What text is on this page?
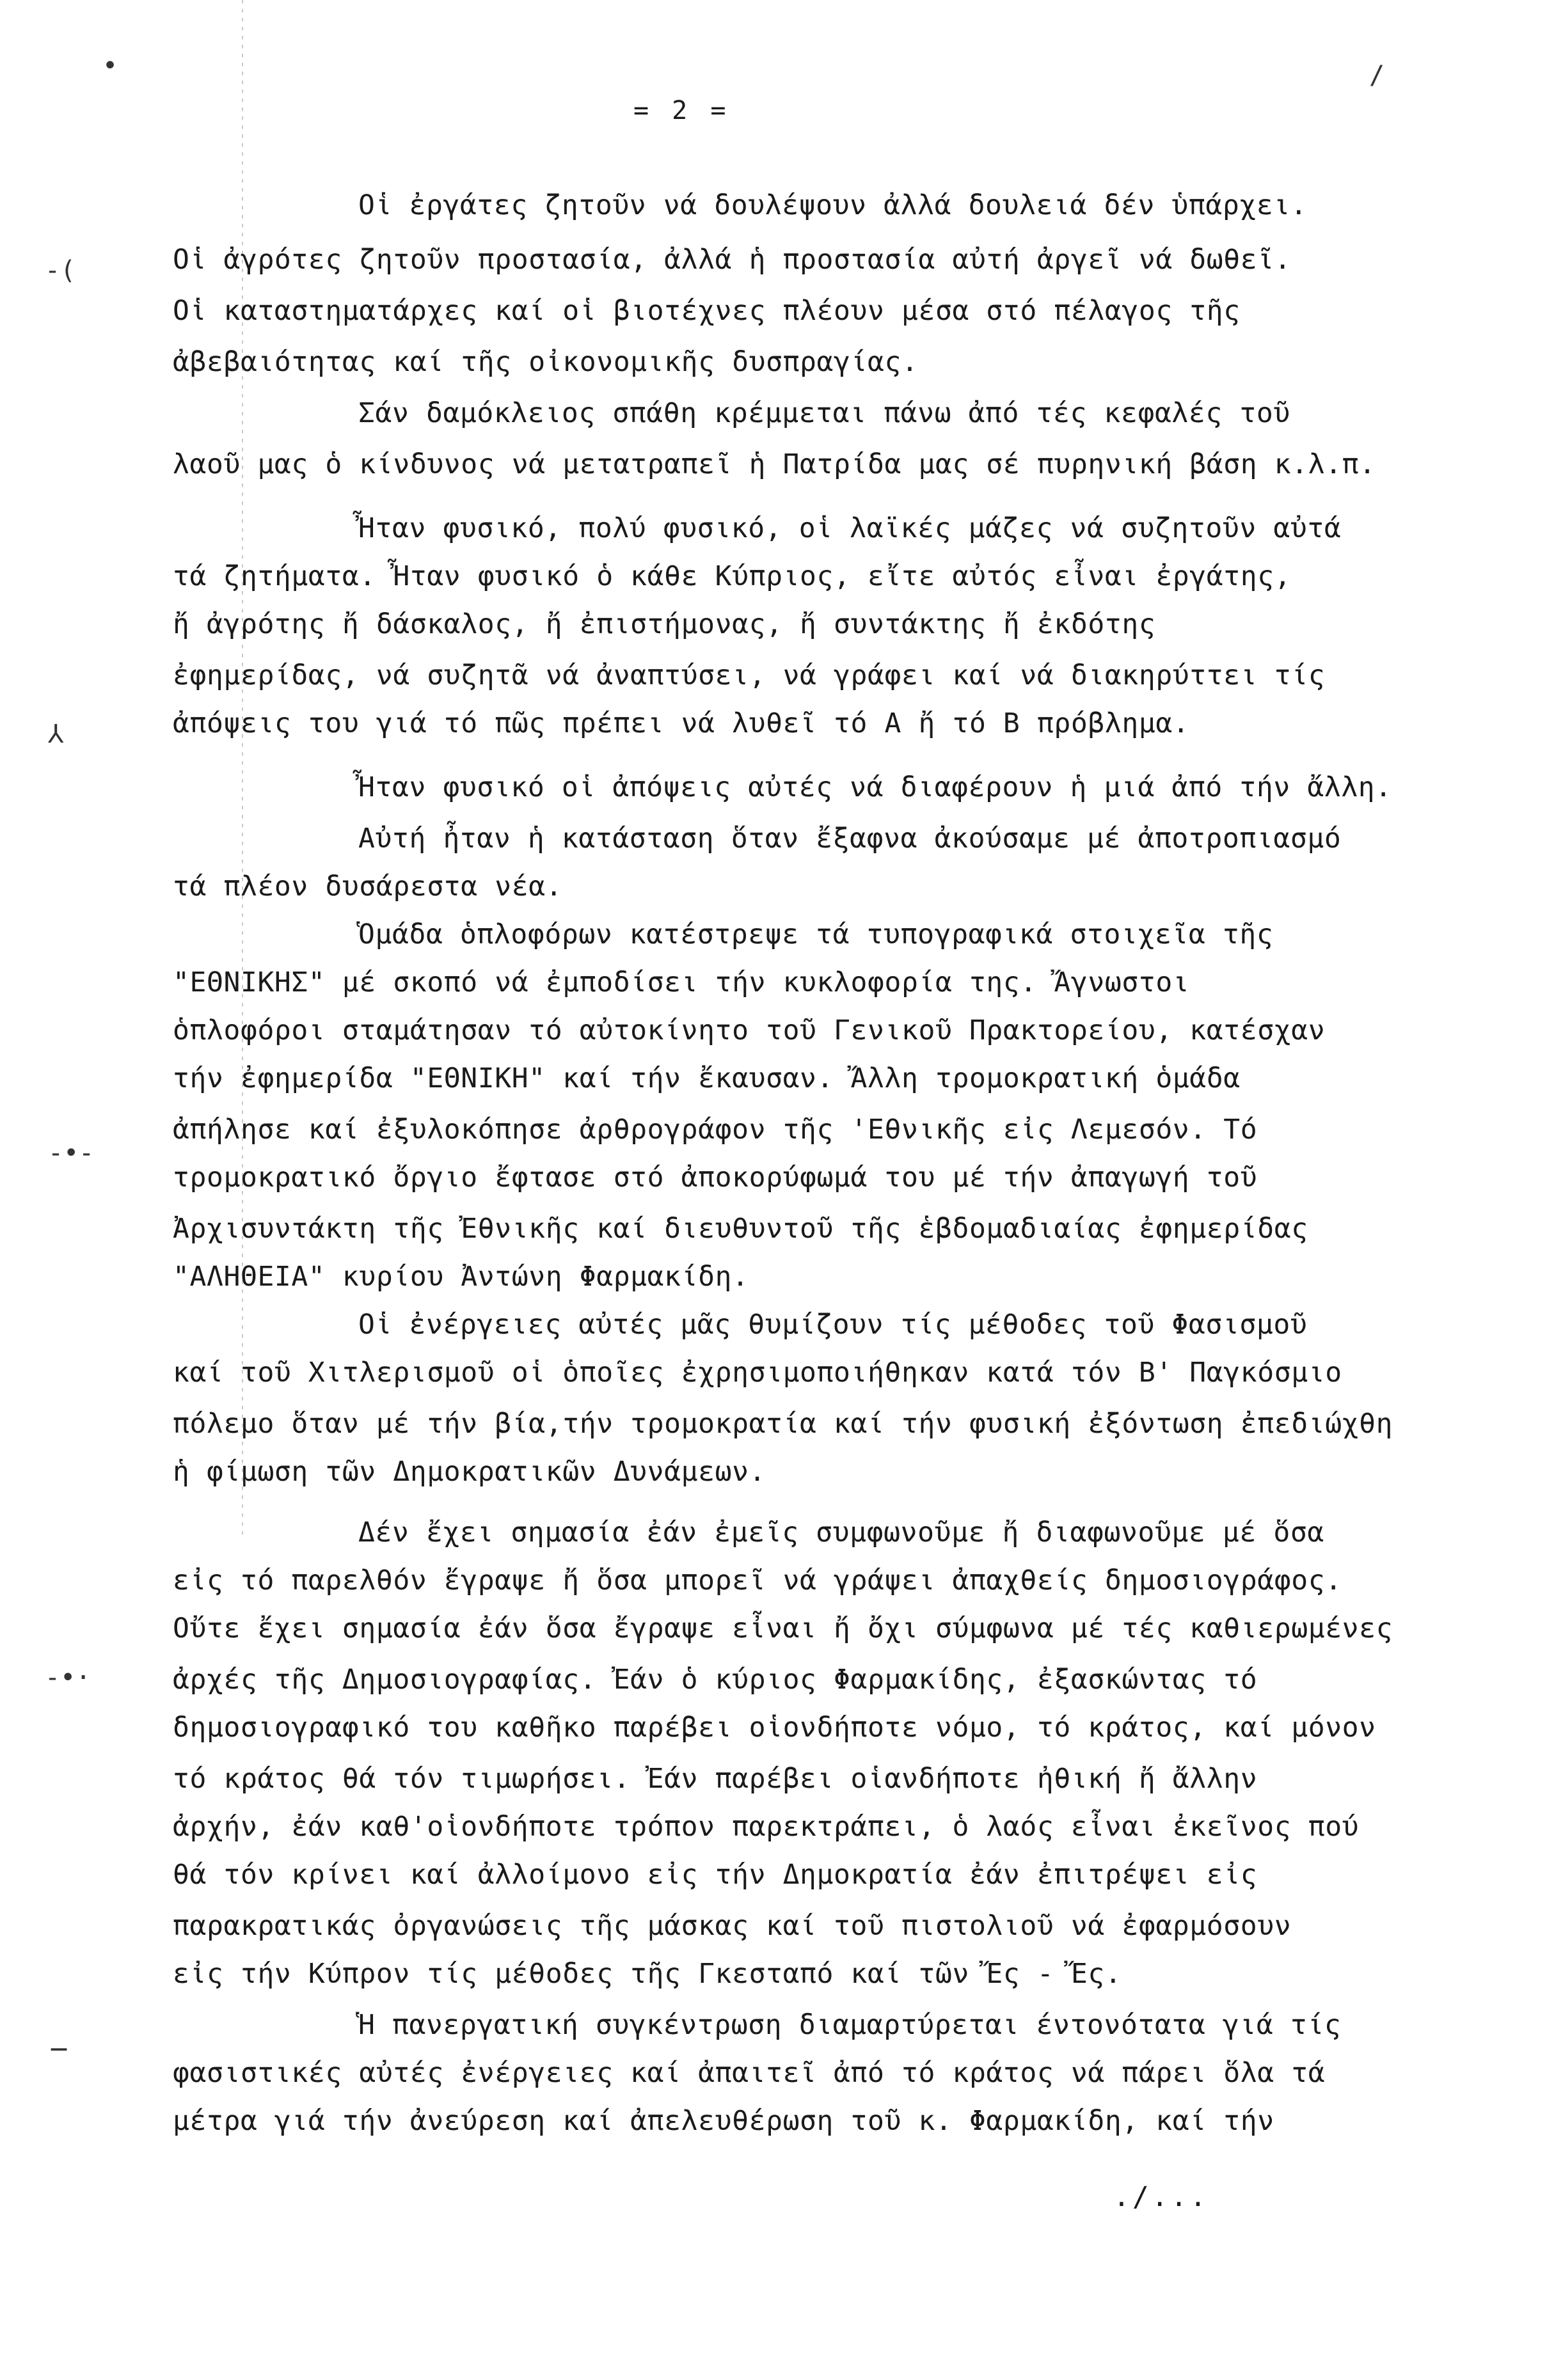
•	/
-(
⅄
-•-
-•·
ـ
= 2 =
Οἱ ἐργάτες ζητοῦν νά δουλέψουν ἀλλά δουλειά δέν ὑπάρχει.
Οἱ ἀγρότες ζητοῦν προστασία, ἀλλά ἡ προστασία αὐτή ἀργεῖ νά δωθεῖ.
Οἱ καταστηματάρχες καί οἱ βιοτέχνες πλέουν μέσα στό πέλαγος τῆς
ἀβεβαιότητας καί τῆς οἰκονομικῆς δυσπραγίας.
Σάν δαμόκλειος σπάθη κρέμμεται πάνω ἀπό τές κεφαλές τοῦ
λαοῦ μας ὁ κίνδυνος νά μετατραπεῖ ἡ Πατρίδα μας σέ πυρηνική βάση κ.λ.π.
Ἦταν φυσικό, πολύ φυσικό, οἱ λαϊκές μάζες νά συζητοῦν αὐτά
τά ζητήματα. Ἦταν φυσικό ὁ κάθε Κύπριος, εἴτε αὐτός εἶναι ἐργάτης,
ἤ ἀγρότης ἤ δάσκαλος, ἤ ἐπιστήμονας, ἤ συντάκτης ἤ ἐκδότης
ἐφημερίδας, νά συζητᾶ νά ἀναπτύσει, νά γράφει καί νά διακηρύττει τίς
ἀπόψεις του γιά τό πῶς πρέπει νά λυθεῖ τό Α ἤ τό Β πρόβλημα.
Ἦταν φυσικό οἱ ἀπόψεις αὐτές νά διαφέρουν ἡ μιά ἀπό τήν ἄλλη.
Αὐτή ἦταν ἡ κατάσταση ὅταν ἔξαφνα ἀκούσαμε μέ ἀποτροπιασμό
τά πλέον δυσάρεστα νέα.
Ὁμάδα ὁπλοφόρων κατέστρεψε τά τυπογραφικά στοιχεῖα τῆς
"ΕΘΝΙΚΗΣ" μέ σκοπό νά ἐμποδίσει τήν κυκλοφορία της. Ἄγνωστοι
ὁπλοφόροι σταμάτησαν τό αὐτοκίνητο τοῦ Γενικοῦ Πρακτορείου, κατέσχαν
τήν ἐφημερίδα "ΕΘΝΙΚΗ" καί τήν ἔκαυσαν. Ἄλλη τρομοκρατική ὁμάδα
ἀπήλησε καί ἐξυλοκόπησε ἀρθρογράφον τῆς 'Εθνικῆς εἰς Λεμεσόν. Τό
τρομοκρατικό ὄργιο ἔφτασε στό ἀποκορύφωμά του μέ τήν ἀπαγωγή τοῦ
Ἀρχισυντάκτη τῆς Ἐθνικῆς καί διευθυντοῦ τῆς ἑβδομαδιαίας ἐφημερίδας
"ΑΛΗΘΕΙΑ" κυρίου Ἀντώνη Φαρμακίδη.
Οἱ ἐνέργειες αὐτές μᾶς θυμίζουν τίς μέθοδες τοῦ Φασισμοῦ
καί τοῦ Χιτλερισμοῦ οἱ ὁποῖες ἐχρησιμοποιήθηκαν κατά τόν Β' Παγκόσμιο
πόλεμο ὅταν μέ τήν βία,τήν τρομοκρατία καί τήν φυσική ἐξόντωση ἐπεδιώχθη
ἡ φίμωση τῶν Δημοκρατικῶν Δυνάμεων.
Δέν ἔχει σημασία ἐάν ἐμεῖς συμφωνοῦμε ἤ διαφωνοῦμε μέ ὅσα
εἰς τό παρελθόν ἔγραψε ἤ ὅσα μπορεῖ νά γράψει ἀπαχθείς δημοσιογράφος.
Οὔτε ἔχει σημασία ἐάν ὅσα ἔγραψε εἶναι ἤ ὄχι σύμφωνα μέ τές καθιερωμένες
ἀρχές τῆς Δημοσιογραφίας. Ἐάν ὁ κύριος Φαρμακίδης, ἐξασκώντας τό
δημοσιογραφικό του καθῆκο παρέβει οἱονδήποτε νόμο, τό κράτος, καί μόνον
τό κράτος θά τόν τιμωρήσει. Ἐάν παρέβει οἱανδήποτε ἠθική ἤ ἄλλην
ἀρχήν, ἐάν καθ'οἱονδήποτε τρόπον παρεκτράπει, ὁ λαός εἶναι ἐκεῖνος πού
θά τόν κρίνει καί ἀλλοίμονο εἰς τήν Δημοκρατία ἐάν ἐπιτρέψει εἰς
παρακρατικάς ὀργανώσεις τῆς μάσκας καί τοῦ πιστολιοῦ νά ἐφαρμόσουν
εἰς τήν Κύπρον τίς μέθοδες τῆς Γκεσταπό καί τῶν Ἔς - Ἔς.
Ἡ πανεργατική συγκέντρωση διαμαρτύρεται έντονότατα γιά τίς
φασιστικές αὐτές ἐνέργειες καί ἀπαιτεῖ ἀπό τό κράτος νά πάρει ὅλα τά
μέτρα γιά τήν ἀνεύρεση καί ἀπελευθέρωση τοῦ κ. Φαρμακίδη, καί τήν
./...
